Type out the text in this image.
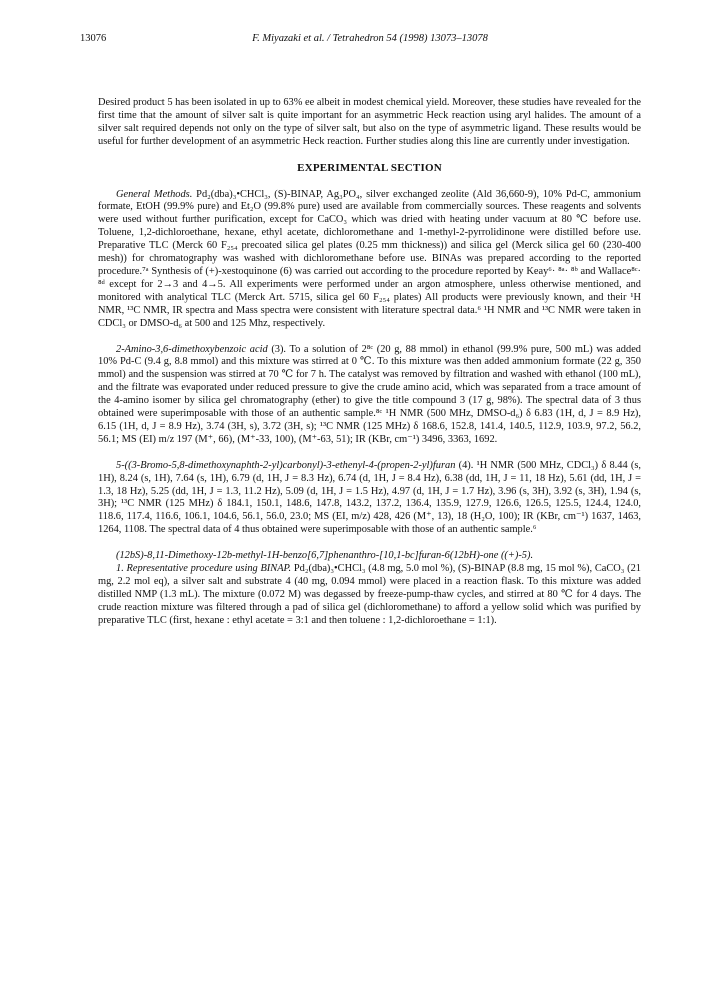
13076	F. Miyazaki et al. / Tetrahedron 54 (1998) 13073–13078

Desired product 5 has been isolated in up to 63% ee albeit in modest chemical yield. Moreover, these studies have revealed for the first time that the amount of silver salt is quite important for an asymmetric Heck reaction using aryl halides. The amount of a silver salt required depends not only on the type of silver salt, but also on the type of asymmetric ligand. These results would be useful for further development of an asymmetric Heck reaction. Further studies along this line are currently under investigation.

EXPERIMENTAL SECTION

General Methods. Pd₂(dba)₃•CHCl₃, (S)-BINAP, Ag₃PO₄, silver exchanged zeolite (Ald 36,660-9), 10% Pd-C, ammonium formate, EtOH (99.9% pure) and Et₂O (99.8% pure) used are available from commercially sources. These reagents and solvents were used without further purification, except for CaCO₃ which was dried with heating under vacuum at 80 ℃ before use. Toluene, 1,2-dichloroethane, hexane, ethyl acetate, dichloromethane and 1-methyl-2-pyrrolidinone were distilled before use. Preparative TLC (Merck 60 F₂₅₄ precoated silica gel plates (0.25 mm thickness)) and silica gel (Merck silica gel 60 (230-400 mesh)) for chromatography was washed with dichloromethane before use. BINAs was prepared according to the reported procedure.⁷ᵃ Synthesis of (+)-xestoquinone (6) was carried out according to the procedure reported by Keay⁶· ⁸ᵃ· ⁸ᵇ and Wallace⁸ᶜ· ⁸ᵈ except for 2→3 and 4→5. All experiments were performed under an argon atmosphere, unless otherwise mentioned, and monitored with analytical TLC (Merck Art. 5715, silica gel 60 F₂₅₄ plates) All products were previously known, and their ¹H NMR, ¹³C NMR, IR spectra and Mass spectra were consistent with literature spectral data.⁶ ¹H NMR and ¹³C NMR were taken in CDCl₃ or DMSO-d₆ at 500 and 125 Mhz, respectively.

2-Amino-3,6-dimethoxybenzoic acid (3). To a solution of 2⁸ᶜ (20 g, 88 mmol) in ethanol (99.9% pure, 500 mL) was added 10% Pd-C (9.4 g, 8.8 mmol) and this mixture was stirred at 0 ℃. To this mixture was then added ammonium formate (22 g, 350 mmol) and the suspension was stirred at 70 ℃ for 7 h. The catalyst was removed by filtration and washed with ethanol (100 mL), and the filtrate was evaporated under reduced pressure to give the crude amino acid, which was separated from a trace amount of the 4-amino isomer by silica gel chromatography (ether) to give the title compound 3 (17 g, 98%). The spectral data of 3 thus obtained were superimposable with those of an authentic sample.⁸ᶜ ¹H NMR (500 MHz, DMSO-d₆) δ 6.83 (1H, d, J = 8.9 Hz), 6.15 (1H, d, J = 8.9 Hz), 3.74 (3H, s), 3.72 (3H, s); ¹³C NMR (125 MHz) δ 168.6, 152.8, 141.4, 140.5, 112.9, 103.9, 97.2, 56.2, 56.1; MS (EI) m/z 197 (M⁺, 66), (M⁺-33, 100), (M⁺-63, 51); IR (KBr, cm⁻¹) 3496, 3363, 1692.

5-((3-Bromo-5,8-dimethoxynaphth-2-yl)carbonyl)-3-ethenyl-4-(propen-2-yl)furan (4). ¹H NMR (500 MHz, CDCl₃) δ 8.44 (s, 1H), 8.24 (s, 1H), 7.64 (s, 1H), 6.79 (d, 1H, J = 8.3 Hz), 6.74 (d, 1H, J = 8.4 Hz), 6.38 (dd, 1H, J = 11, 18 Hz), 5.61 (dd, 1H, J = 1.3, 18 Hz), 5.25 (dd, 1H, J = 1.3, 11.2 Hz), 5.09 (d, 1H, J = 1.5 Hz), 4.97 (d, 1H, J = 1.7 Hz), 3.96 (s, 3H), 3.92 (s, 3H), 1.94 (s, 3H); ¹³C NMR (125 MHz) δ 184.1, 150.1, 148.6, 147.8, 143.2, 137.2, 136.4, 135.9, 127.9, 126.6, 126.5, 125.5, 124.4, 124.0, 118.6, 117.4, 116.6, 106.1, 104.6, 56.1, 56.0, 23.0; MS (EI, m/z) 428, 426 (M⁺, 13), 18 (H₂O, 100); IR (KBr, cm⁻¹) 1637, 1463, 1264, 1108. The spectral data of 4 thus obtained were superimposable with those of an authentic sample.⁶

(12bS)-8,11-Dimethoxy-12b-methyl-1H-benzo[6,7]phenanthro-[10,1-bc]furan-6(12bH)-one ((+)-5).
1. Representative procedure using BINAP. Pd₂(dba)₃•CHCl₃ (4.8 mg, 5.0 mol %), (S)-BINAP (8.8 mg, 15 mol %), CaCO₃ (21 mg, 2.2 mol eq), a silver salt and substrate 4 (40 mg, 0.094 mmol) were placed in a reaction flask. To this mixture was added distilled NMP (1.3 mL). The mixture (0.072 M) was degassed by freeze-pump-thaw cycles, and stirred at 80 ℃ for 4 days. The crude reaction mixture was filtered through a pad of silica gel (dichloromethane) to afford a yellow solid which was purified by preparative TLC (first, hexane : ethyl acetate = 3:1 and then toluene : 1,2-dichloroethane = 1:1).
